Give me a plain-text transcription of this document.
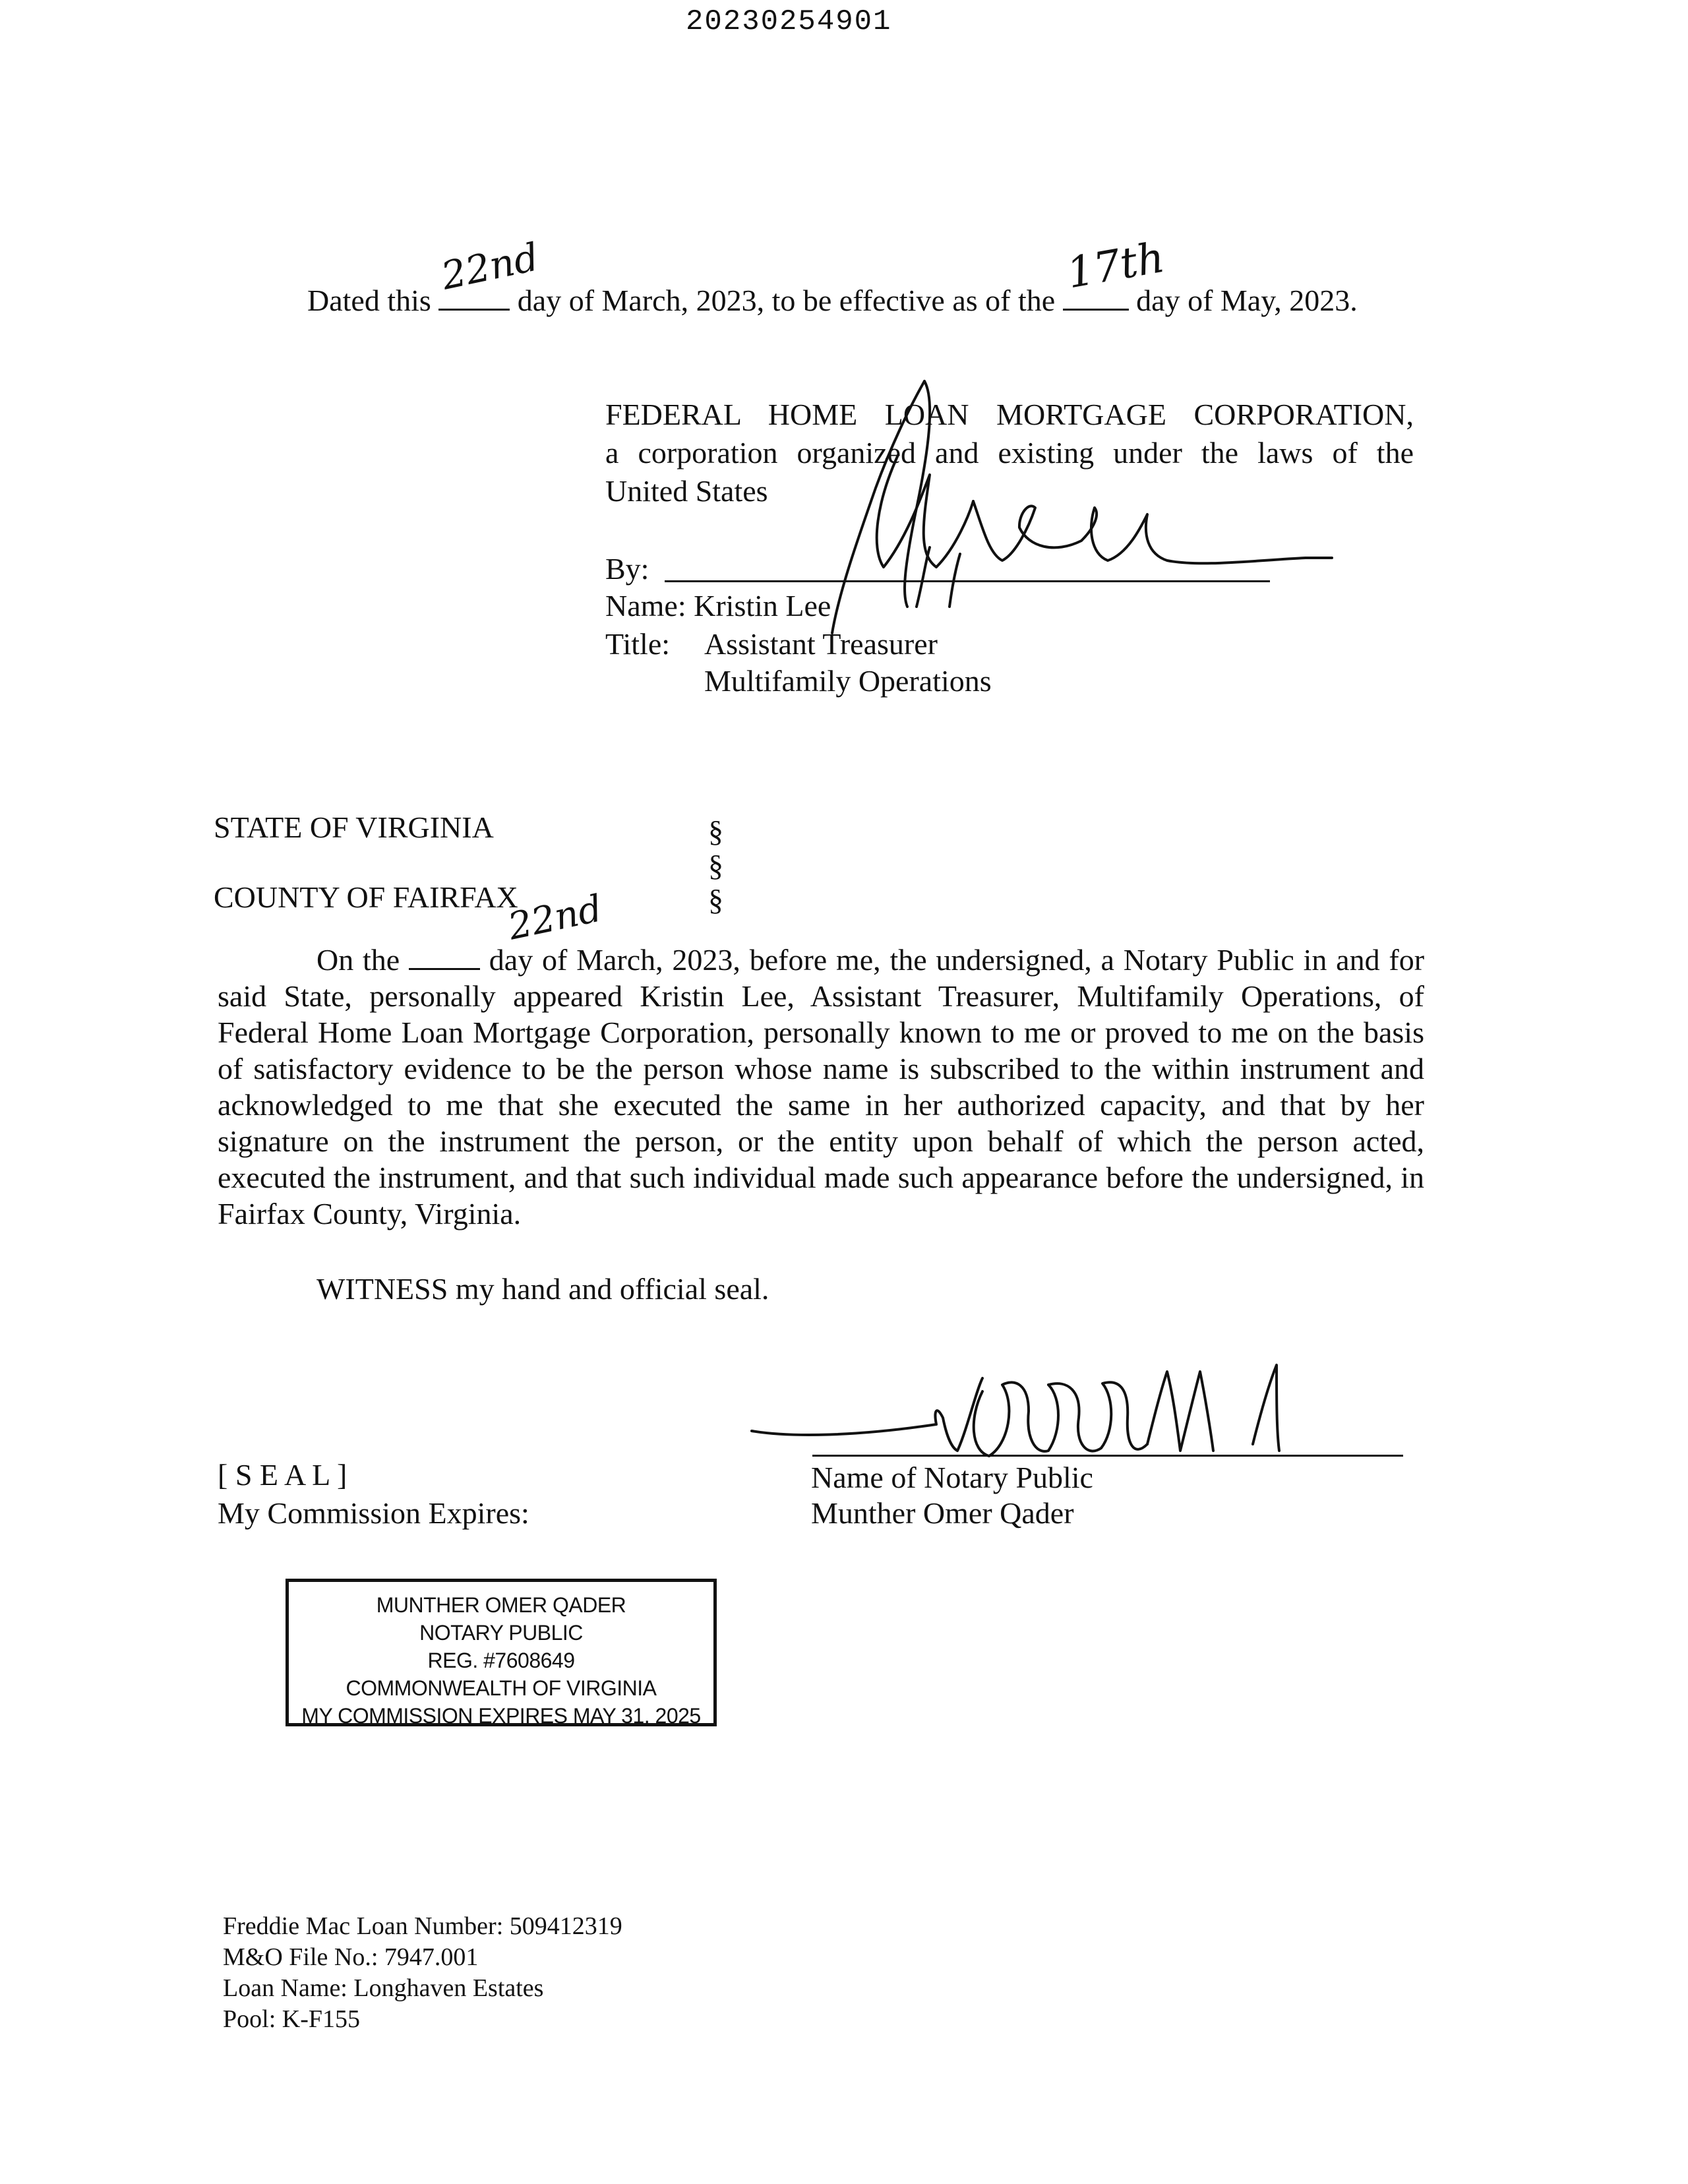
20230254901
Dated this
22nd
day of March, 2023, to be effective as of the
17th
day of May, 2023.
FEDERAL HOME LOAN MORTGAGE CORPORATION,
a corporation organized and existing under the laws of the
United States
By:
Name: Kristin Lee
Title: Assistant Treasurer
Multifamily Operations
STATE OF VIRGINIA
COUNTY OF FAIRFAX
§
§
§
On the
22nd
day of March, 2023, before me, the undersigned, a Notary Public in and for said State, personally appeared Kristin Lee, Assistant Treasurer, Multifamily Operations, of Federal Home Loan Mortgage Corporation, personally known to me or proved to me on the basis of satisfactory evidence to be the person whose name is subscribed to the within instrument and acknowledged to me that she executed the same in her authorized capacity, and that by her signature on the instrument the person, or the entity upon behalf of which the person acted, executed the instrument, and that such individual made such appearance before the undersigned, in Fairfax County, Virginia.
WITNESS my hand and official seal.
Name of Notary Public
Munther Omer Qader
[ S E A L ]
My Commission Expires:
MUNTHER OMER QADER
NOTARY PUBLIC
REG. #7608649
COMMONWEALTH OF VIRGINIA
MY COMMISSION EXPIRES MAY 31, 2025
Freddie Mac Loan Number: 509412319
M&O File No.: 7947.001
Loan Name: Longhaven Estates
Pool: K-F155
